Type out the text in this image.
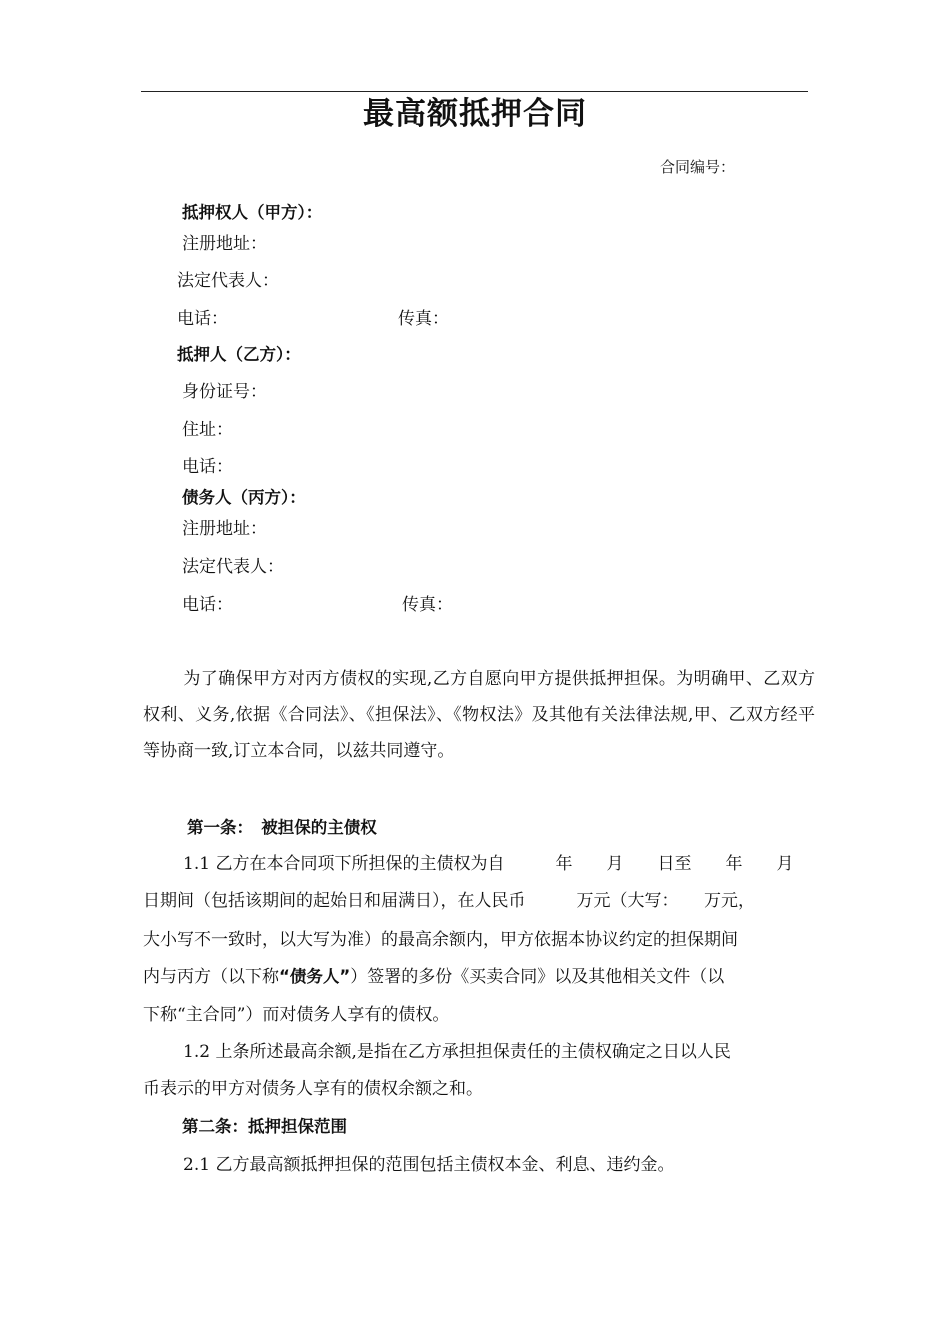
最高额抵押合同
合同编号：
抵押权人（甲方）：
注册地址：
法定代表人：
电话：	传真：
抵押人（乙方）：
身份证号：
住址：
电话：
债务人（丙方）：
注册地址：
法定代表人：
电话：	传真：
为了确保甲方对丙方债权的实现,乙方自愿向甲方提供抵押担保。为明确甲、乙双方权利、义务,依据《合同法》、《担保法》、《物权法》及其他有关法律法规,甲、乙双方经平等协商一致,订立本合同，以兹共同遵守。
第一条：　被担保的主债权
1.1 乙方在本合同项下所担保的主债权为自　　　年　　月　　日至　　年　　月
日期间（包括该期间的起始日和届满日），在人民币　　　万元（大写：　　万元，
大小写不一致时，以大写为准）的最高余额内，甲方依据本协议约定的担保期间
内与丙方（以下称“债务人”）签署的多份《买卖合同》以及其他相关文件（以
下称“主合同”）而对债务人享有的债权。
1.2 上条所述最高余额,是指在乙方承担担保责任的主债权确定之日以人民
币表示的甲方对债务人享有的债权余额之和。
第二条：抵押担保范围
2.1 乙方最高额抵押担保的范围包括主债权本金、利息、违约金。
